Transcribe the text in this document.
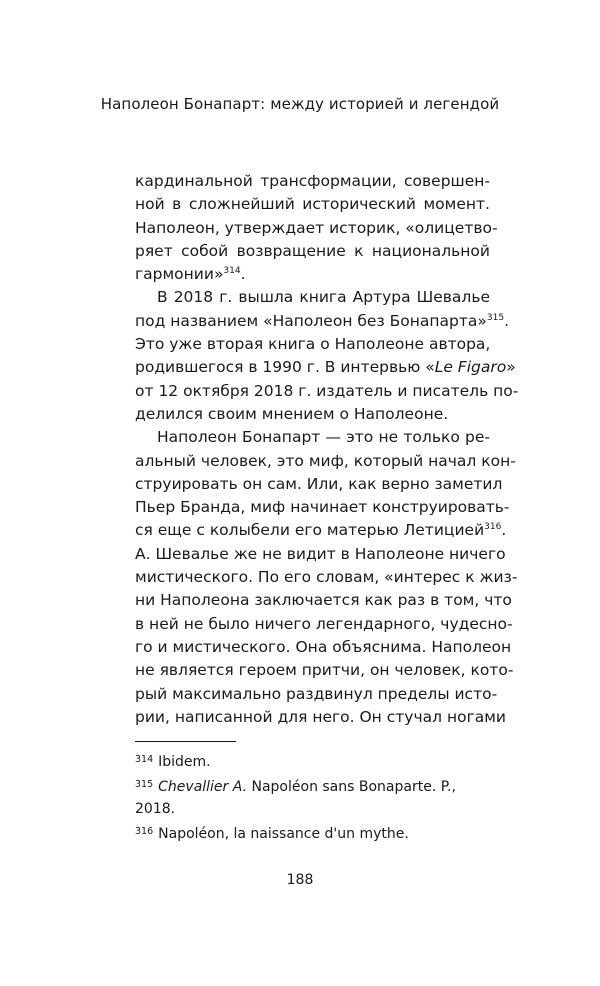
Наполеон Бонапарт: между историей и легендой
кардинальной трансформации, совершен-
ной в сложнейший исторический момент.
Наполеон, утверждает историк, «олицетво-
ряет собой возвращение к национальной
гармонии»$^{314}$.
В 2018 г. вышла книга Артура Шевалье
под названием «Наполеон без Бонапарта»$^{315}$.
Это уже вторая книга о Наполеоне автора,
родившегося в 1990 г. В интервью «Le Figaro»
от 12 октября 2018 г. издатель и писатель по-
делился своим мнением о Наполеоне.
Наполеон Бонапарт — это не только ре-
альный человек, это миф, который начал кон-
струировать он сам. Или, как верно заметил
Пьер Бранда, миф начинает конструировать-
ся еще с колыбели его матерью Летицией$^{316}$.
А. Шевалье же не видит в Наполеоне ничего
мистического. По его словам, «интерес к жиз-
ни Наполеона заключается как раз в том, что
в ней не было ничего легендарного, чудесно-
го и мистического. Она объяснима. Наполеон
не является героем притчи, он человек, кото-
рый максимально раздвинул пределы исто-
рии, написанной для него. Он стучал ногами
$^{314}$ Ibidem.
$^{315}$ Chevallier A. Napoléon sans Bonaparte. P.,
2018.
$^{316}$ Napoléon, la naissance d'un mythe.
188
